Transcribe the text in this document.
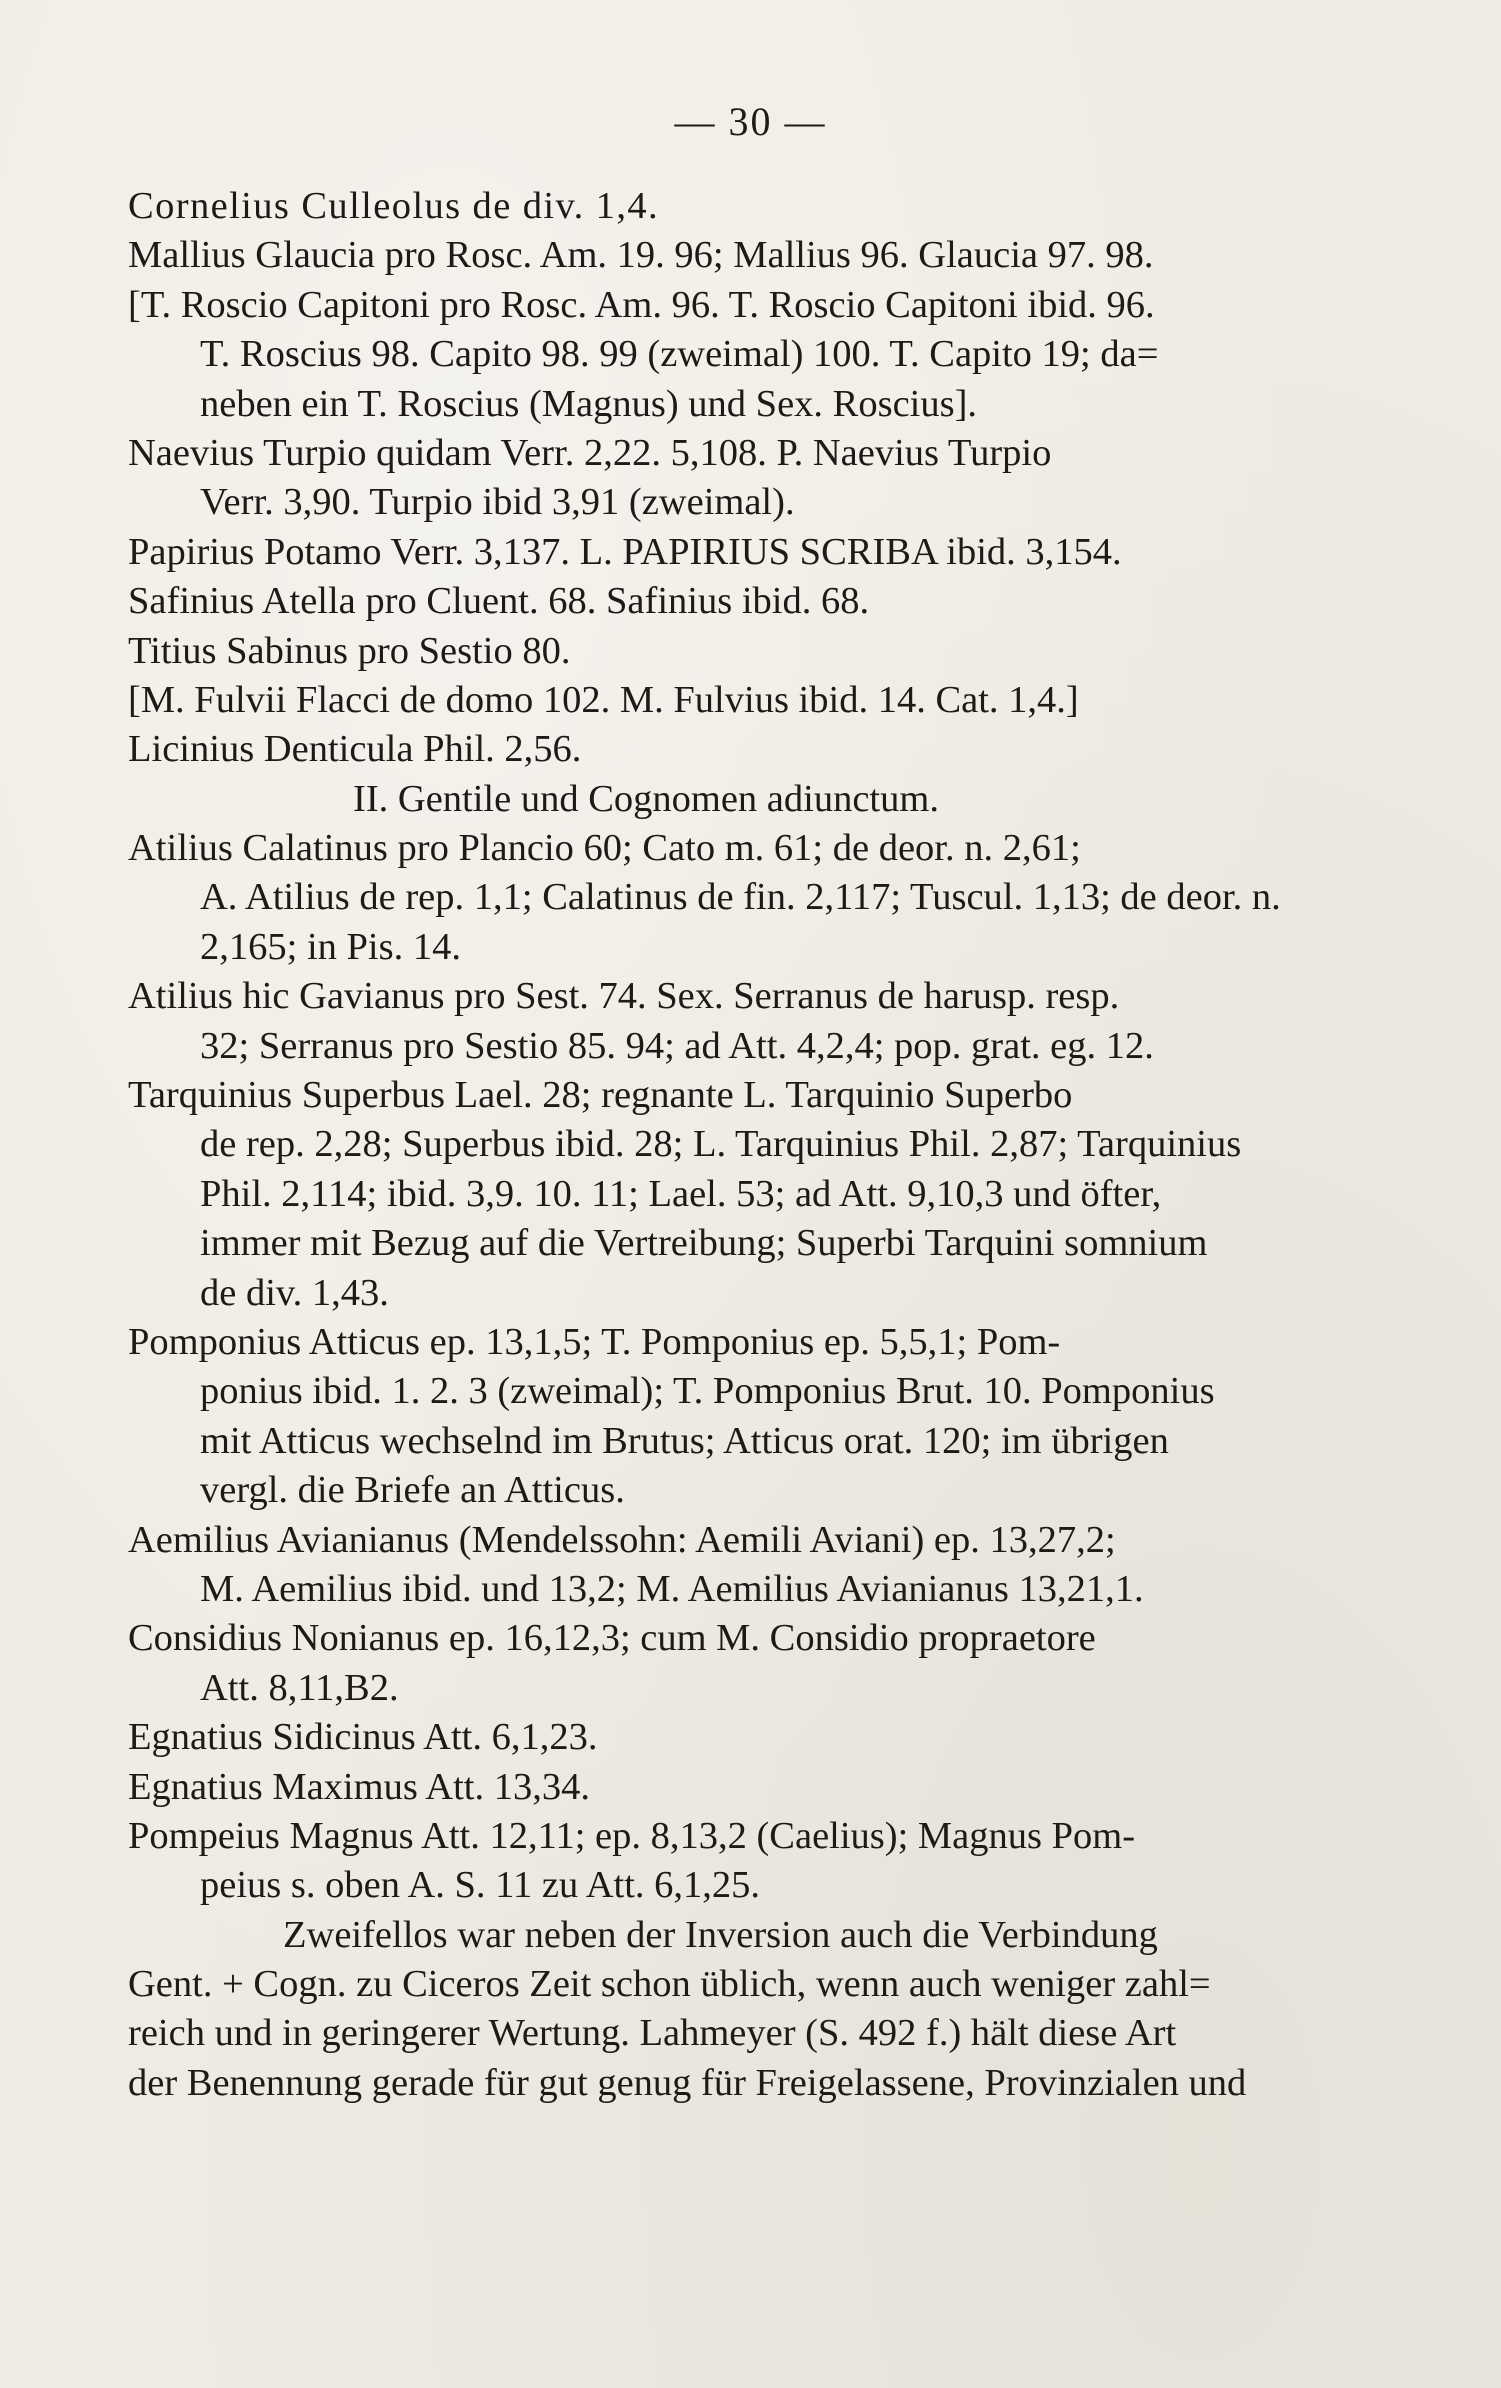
— 30 —
Cornelius Culleolus de div. 1,4.
Mallius Glaucia pro Rosc. Am. 19. 96; Mallius 96. Glaucia 97. 98.
[T. Roscio Capitoni pro Rosc. Am. 96. T. Roscio Capitoni ibid. 96.
T. Roscius 98. Capito 98. 99 (zweimal) 100. T. Capito 19; da=
neben ein T. Roscius (Magnus) und Sex. Roscius].
Naevius Turpio quidam Verr. 2,22. 5,108. P. Naevius Turpio
Verr. 3,90. Turpio ibid 3,91 (zweimal).
Papirius Potamo Verr. 3,137. L. PAPIRIUS SCRIBA ibid. 3,154.
Safinius Atella pro Cluent. 68. Safinius ibid. 68.
Titius Sabinus pro Sestio 80.
[M. Fulvii Flacci de domo 102. M. Fulvius ibid. 14. Cat. 1,4.]
Licinius Denticula Phil. 2,56.
II. Gentile und Cognomen adiunctum.
Atilius Calatinus pro Plancio 60; Cato m. 61; de deor. n. 2,61;
A. Atilius de rep. 1,1; Calatinus de fin. 2,117; Tuscul. 1,13; de deor. n.
2,165; in Pis. 14.
Atilius hic Gavianus pro Sest. 74. Sex. Serranus de harusp. resp.
32; Serranus pro Sestio 85. 94; ad Att. 4,2,4; pop. grat. eg. 12.
Tarquinius Superbus Lael. 28; regnante L. Tarquinio Superbo
de rep. 2,28; Superbus ibid. 28; L. Tarquinius Phil. 2,87; Tarquinius
Phil. 2,114; ibid. 3,9. 10. 11; Lael. 53; ad Att. 9,10,3 und öfter,
immer mit Bezug auf die Vertreibung; Superbi Tarquini somnium
de div. 1,43.
Pomponius Atticus ep. 13,1,5; T. Pomponius ep. 5,5,1; Pom-
ponius ibid. 1. 2. 3 (zweimal); T. Pomponius Brut. 10. Pomponius
mit Atticus wechselnd im Brutus; Atticus orat. 120; im übrigen
vergl. die Briefe an Atticus.
Aemilius Avianianus (Mendelssohn: Aemili Aviani) ep. 13,27,2;
M. Aemilius ibid. und 13,2; M. Aemilius Avianianus 13,21,1.
Considius Nonianus ep. 16,12,3; cum M. Considio propraetore
Att. 8,11,B2.
Egnatius Sidicinus Att. 6,1,23.
Egnatius Maximus Att. 13,34.
Pompeius Magnus Att. 12,11; ep. 8,13,2 (Caelius); Magnus Pom-
peius s. oben A. S. 11 zu Att. 6,1,25.
Zweifellos war neben der Inversion auch die Verbindung
Gent. + Cogn. zu Ciceros Zeit schon üblich, wenn auch weniger zahl=
reich und in geringerer Wertung. Lahmeyer (S. 492 f.) hält diese Art
der Benennung gerade für gut genug für Freigelassene, Provinzialen und
